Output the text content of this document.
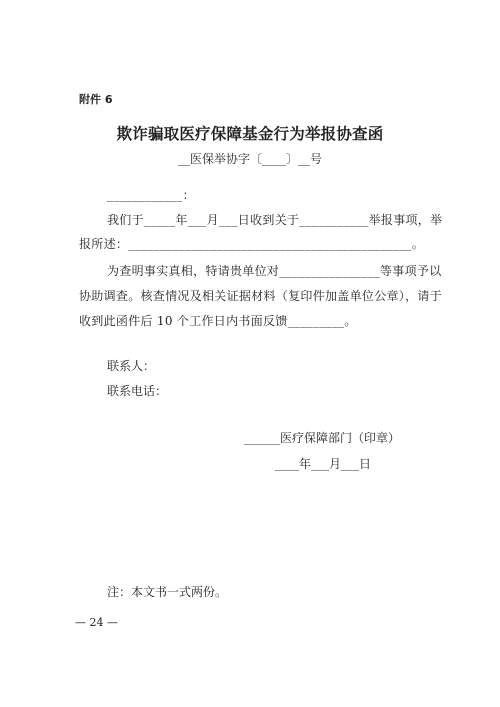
附件 6

欺诈骗取医疗保障基金行为举报协查函

__医保举协字〔____〕__号

____________：

我们于_____年___月___日收到关于___________举报事项，举

报所述：_____________________________________________。

为查明事实真相，特请贵单位对________________等事项予以

协助调查。核查情况及相关证据材料（复印件加盖单位公章），请于

收到此函件后 10 个工作日内书面反馈_________。

联系人：

联系电话：

______医疗保障部门（印章）

____年___月___日

注：本文书一式两份。

— 24 —
